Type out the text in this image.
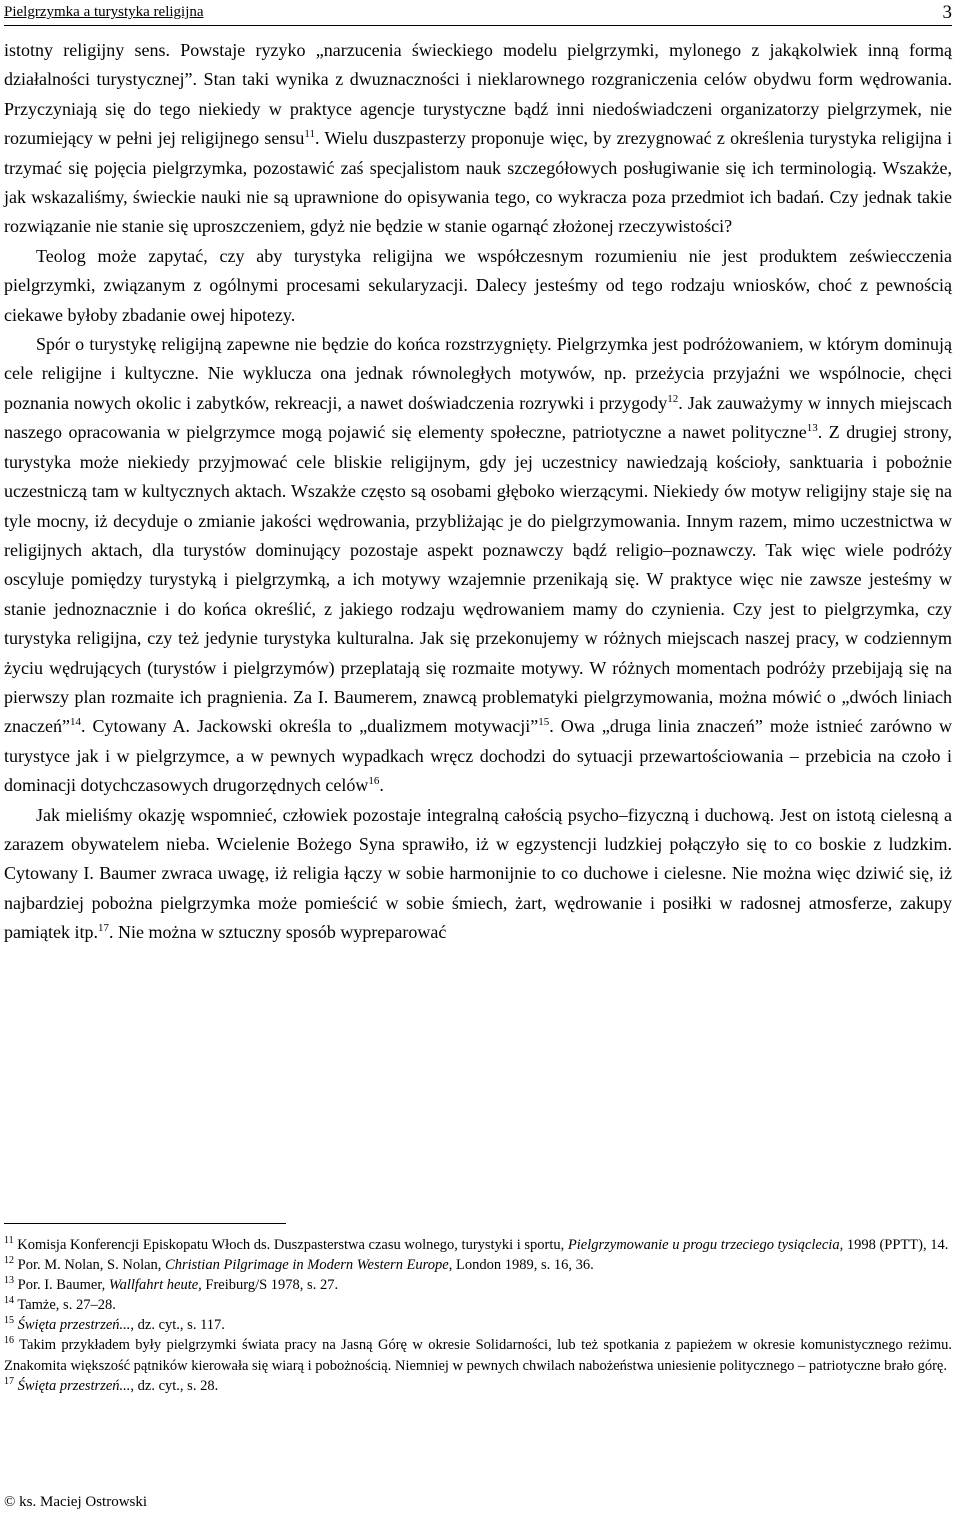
Pielgrzymka a turystyka religijna	3

istotny religijny sens. Powstaje ryzyko „narzucenia świeckiego modelu pielgrzymki, mylonego z jakąkolwiek inną formą działalności turystycznej”. Stan taki wynika z dwuznaczności i nieklarownego rozgraniczenia celów obydwu form wędrowania. Przyczyniają się do tego niekiedy w praktyce agencje turystyczne bądź inni niedoświadczeni organizatorzy pielgrzymek, nie rozumiejący w pełni jej religijnego sensu$^{11}$. Wielu duszpasterzy proponuje więc, by zrezygnować z określenia turystyka religijna i trzymać się pojęcia pielgrzymka, pozostawić zaś specjalistom nauk szczegółowych posługiwanie się ich terminologią. Wszakże, jak wskazaliśmy, świeckie nauki nie są uprawnione do opisywania tego, co wykracza poza przedmiot ich badań. Czy jednak takie rozwiązanie nie stanie się uproszczeniem, gdyż nie będzie w stanie ogarnąć złożonej rzeczywistości?

Teolog może zapytać, czy aby turystyka religijna we współczesnym rozumieniu nie jest produktem zeświecczenia pielgrzymki, związanym z ogólnymi procesami sekularyzacji. Dalecy jesteśmy od tego rodzaju wniosków, choć z pewnością ciekawe byłoby zbadanie owej hipotezy.

Spór o turystykę religijną zapewne nie będzie do końca rozstrzygnięty. Pielgrzymka jest podróżowaniem, w którym dominują cele religijne i kultyczne. Nie wyklucza ona jednak równoległych motywów, np. przeżycia przyjaźni we wspólnocie, chęci poznania nowych okolic i zabytków, rekreacji, a nawet doświadczenia rozrywki i przygody$^{12}$. Jak zauważymy w innych miejscach naszego opracowania w pielgrzymce mogą pojawić się elementy społeczne, patriotyczne a nawet polityczne$^{13}$. Z drugiej strony, turystyka może niekiedy przyjmować cele bliskie religijnym, gdy jej uczestnicy nawiedzają kościoły, sanktuaria i pobożnie uczestniczą tam w kultycznych aktach. Wszakże często są osobami głęboko wierzącymi. Niekiedy ów motyw religijny staje się na tyle mocny, iż decyduje o zmianie jakości wędrowania, przybliżając je do pielgrzymowania. Innym razem, mimo uczestnictwa w religijnych aktach, dla turystów dominujący pozostaje aspekt poznawczy bądź religio–poznawczy. Tak więc wiele podróży oscyluje pomiędzy turystyką i pielgrzymką, a ich motywy wzajemnie przenikają się. W praktyce więc nie zawsze jesteśmy w stanie jednoznacznie i do końca określić, z jakiego rodzaju wędrowaniem mamy do czynienia. Czy jest to pielgrzymka, czy turystyka religijna, czy też jedynie turystyka kulturalna. Jak się przekonujemy w różnych miejscach naszej pracy, w codziennym życiu wędrujących (turystów i pielgrzymów) przeplatają się rozmaite motywy. W różnych momentach podróży przebijają się na pierwszy plan rozmaite ich pragnienia. Za I. Baumerem, znawcą problematyki pielgrzymowania, można mówić o „dwóch liniach znaczeń”$^{14}$. Cytowany A. Jackowski określa to „dualizmem motywacji”$^{15}$. Owa „druga linia znaczeń” może istnieć zarówno w turystyce jak i w pielgrzymce, a w pewnych wypadkach wręcz dochodzi do sytuacji przewartościowania – przebicia na czoło i dominacji dotychczasowych drugorzędnych celów$^{16}$.

Jak mieliśmy okazję wspomnieć, człowiek pozostaje integralną całością psycho–fizyczną i duchową. Jest on istotą cielesną a zarazem obywatelem nieba. Wcielenie Bożego Syna sprawiło, iż w egzystencji ludzkiej połączyło się to co boskie z ludzkim. Cytowany I. Baumer zwraca uwagę, iż religia łączy w sobie harmonijnie to co duchowe i cielesne. Nie można więc dziwić się, iż najbardziej pobożna pielgrzymka może pomieścić w sobie śmiech, żart, wędrowanie i posiłki w radosnej atmosferze, zakupy pamiątek itp.$^{17}$. Nie można w sztuczny sposób wypreparować

$^{11}$ Komisja Konferencji Episkopatu Włoch ds. Duszpasterstwa czasu wolnego, turystyki i sportu, Pielgrzymowanie u progu trzeciego tysiąclecia, 1998 (PPTT), 14.

$^{12}$ Por. M. Nolan, S. Nolan, Christian Pilgrimage in Modern Western Europe, London 1989, s. 16, 36.

$^{13}$ Por. I. Baumer, Wallfahrt heute, Freiburg/S 1978, s. 27.

$^{14}$ Tamże, s. 27–28.

$^{15}$ Święta przestrzeń..., dz. cyt., s. 117.

$^{16}$ Takim przykładem były pielgrzymki świata pracy na Jasną Górę w okresie Solidarności, lub też spotkania z papieżem w okresie komunistycznego reżimu. Znakomita większość pątników kierowała się wiarą i pobożnością. Niemniej w pewnych chwilach nabożeństwa uniesienie politycznego – patriotyczne brało górę.

$^{17}$ Święta przestrzeń..., dz. cyt., s. 28.

© ks. Maciej Ostrowski
